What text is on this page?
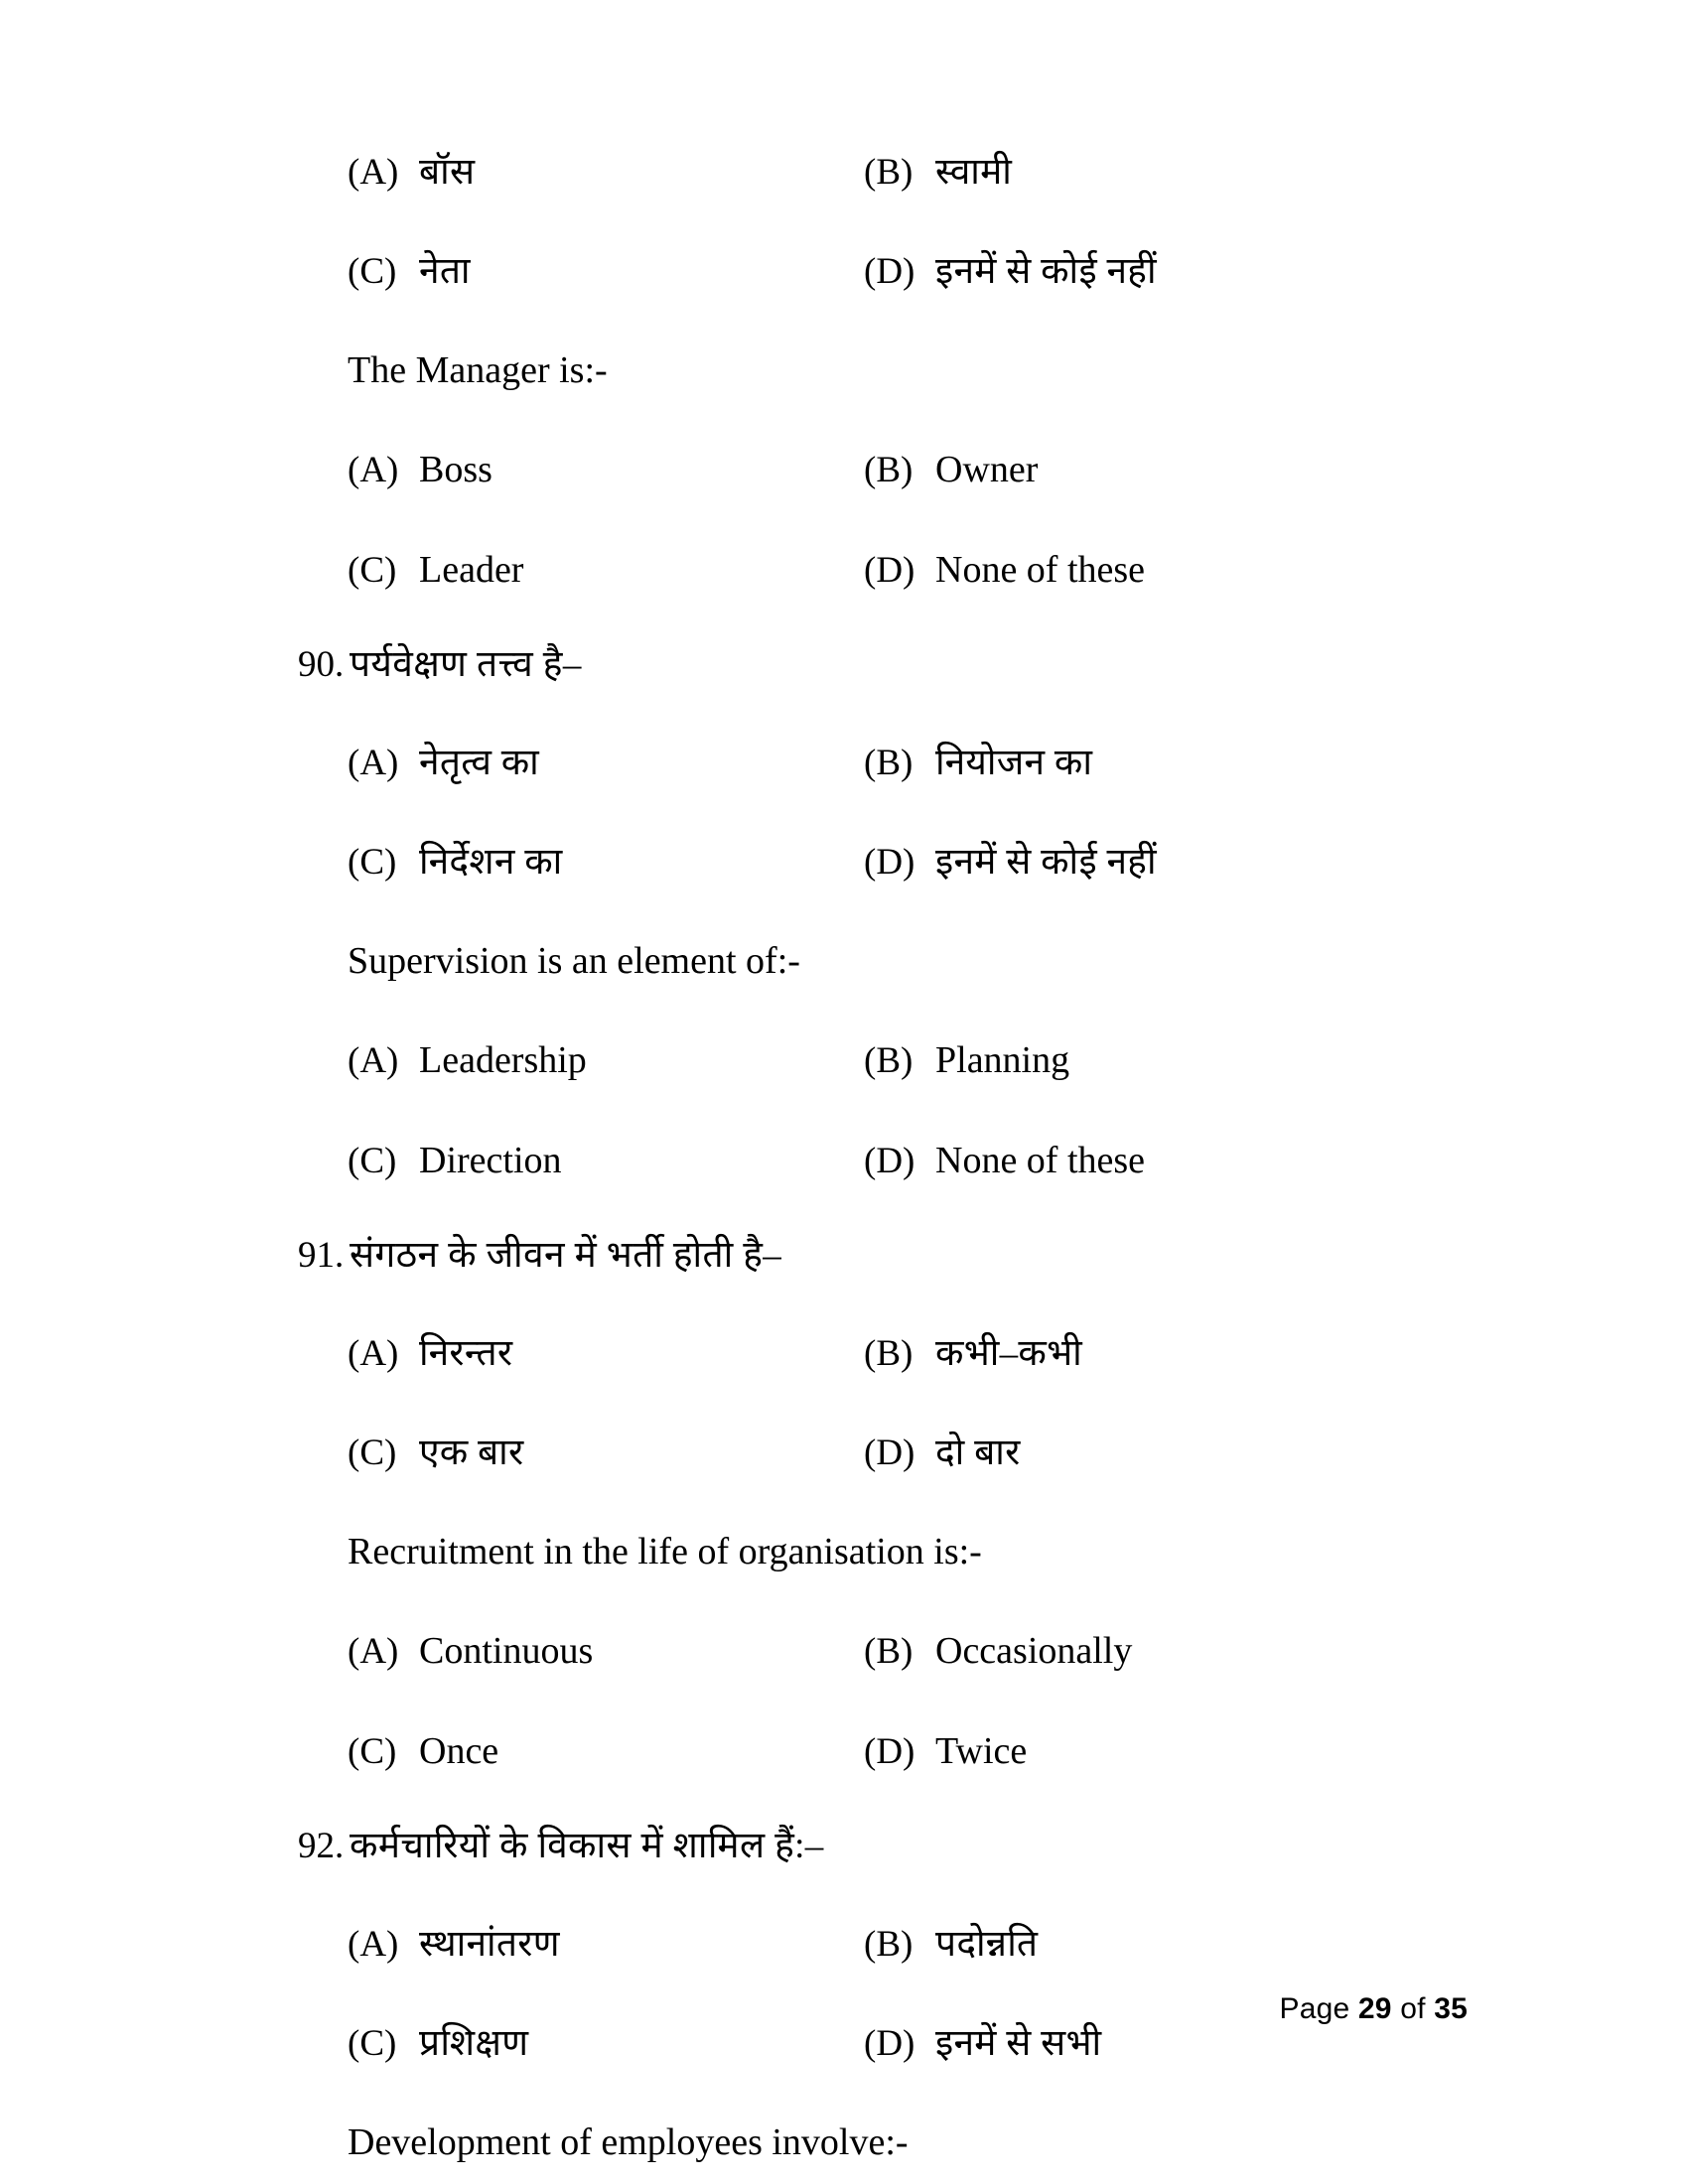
(A) बॉस	(B) स्वामी
(C) नेता	(D) इनमें से कोई नहीं
The Manager is:-
(A) Boss	(B) Owner
(C) Leader	(D) None of these
90. पर्यवेक्षण तत्त्व है–
(A) नेतृत्व का	(B) नियोजन का
(C) निर्देशन का	(D) इनमें से कोई नहीं
Supervision is an element of:-
(A) Leadership	(B) Planning
(C) Direction	(D) None of these
91. संगठन के जीवन में भर्ती होती है–
(A) निरन्तर	(B) कभी–कभी
(C) एक बार	(D) दो बार
Recruitment in the life of organisation is:-
(A) Continuous	(B) Occasionally
(C) Once	(D) Twice
92. कर्मचारियों के विकास में शामिल हैं:–
(A) स्थानांतरण	(B) पदोन्नति
(C) प्रशिक्षण	(D) इनमें से सभी
Development of employees involve:-
Page 29 of 35
